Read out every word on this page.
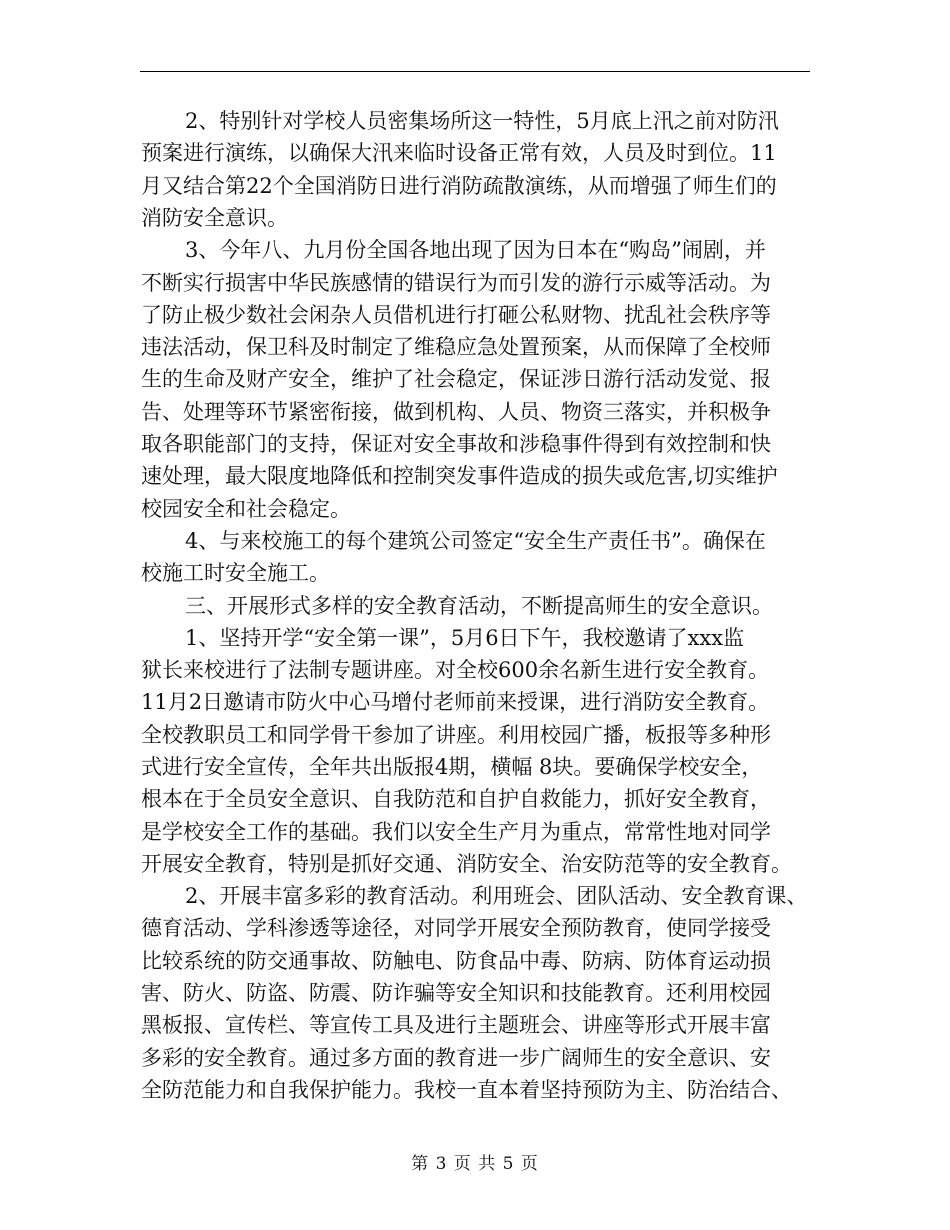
2、特别针对学校人员密集场所这一特性，5月底上汛之前对防汛
预案进行演练，以确保大汛来临时设备正常有效，人员及时到位。11
月又结合第22个全国消防日进行消防疏散演练，从而增强了师生们的
消防安全意识。
3、今年八、九月份全国各地出现了因为日本在“购岛”闹剧，并
不断实行损害中华民族感情的错误行为而引发的游行示威等活动。为
了防止极少数社会闲杂人员借机进行打砸公私财物、扰乱社会秩序等
违法活动，保卫科及时制定了维稳应急处置预案，从而保障了全校师
生的生命及财产安全，维护了社会稳定，保证涉日游行活动发觉、报
告、处理等环节紧密衔接，做到机构、人员、物资三落实，并积极争
取各职能部门的支持，保证对安全事故和涉稳事件得到有效控制和快
速处理，最大限度地降低和控制突发事件造成的损失或危害,切实维护
校园安全和社会稳定。
4、与来校施工的每个建筑公司签定“安全生产责任书”。确保在
校施工时安全施工。
三、开展形式多样的安全教育活动，不断提高师生的安全意识。
1、坚持开学“安全第一课”，5月6日下午，我校邀请了xxx监
狱长来校进行了法制专题讲座。对全校600余名新生进行安全教育。
11月2日邀请市防火中心马增付老师前来授课，进行消防安全教育。
全校教职员工和同学骨干参加了讲座。利用校园广播，板报等多种形
式进行安全宣传，全年共出版报4期，横幅 8块。要确保学校安全，
根本在于全员安全意识、自我防范和自护自救能力，抓好安全教育，
是学校安全工作的基础。我们以安全生产月为重点，常常性地对同学
开展安全教育，特别是抓好交通、消防安全、治安防范等的安全教育。
2、开展丰富多彩的教育活动。利用班会、团队活动、安全教育课、
德育活动、学科渗透等途径，对同学开展安全预防教育，使同学接受
比较系统的防交通事故、防触电、防食品中毒、防病、防体育运动损
害、防火、防盗、防震、防诈骗等安全知识和技能教育。还利用校园
黑板报、宣传栏、等宣传工具及进行主题班会、讲座等形式开展丰富
多彩的安全教育。通过多方面的教育进一步广阔师生的安全意识、安
全防范能力和自我保护能力。我校一直本着坚持预防为主、防治结合、
第 3 页 共 5 页
